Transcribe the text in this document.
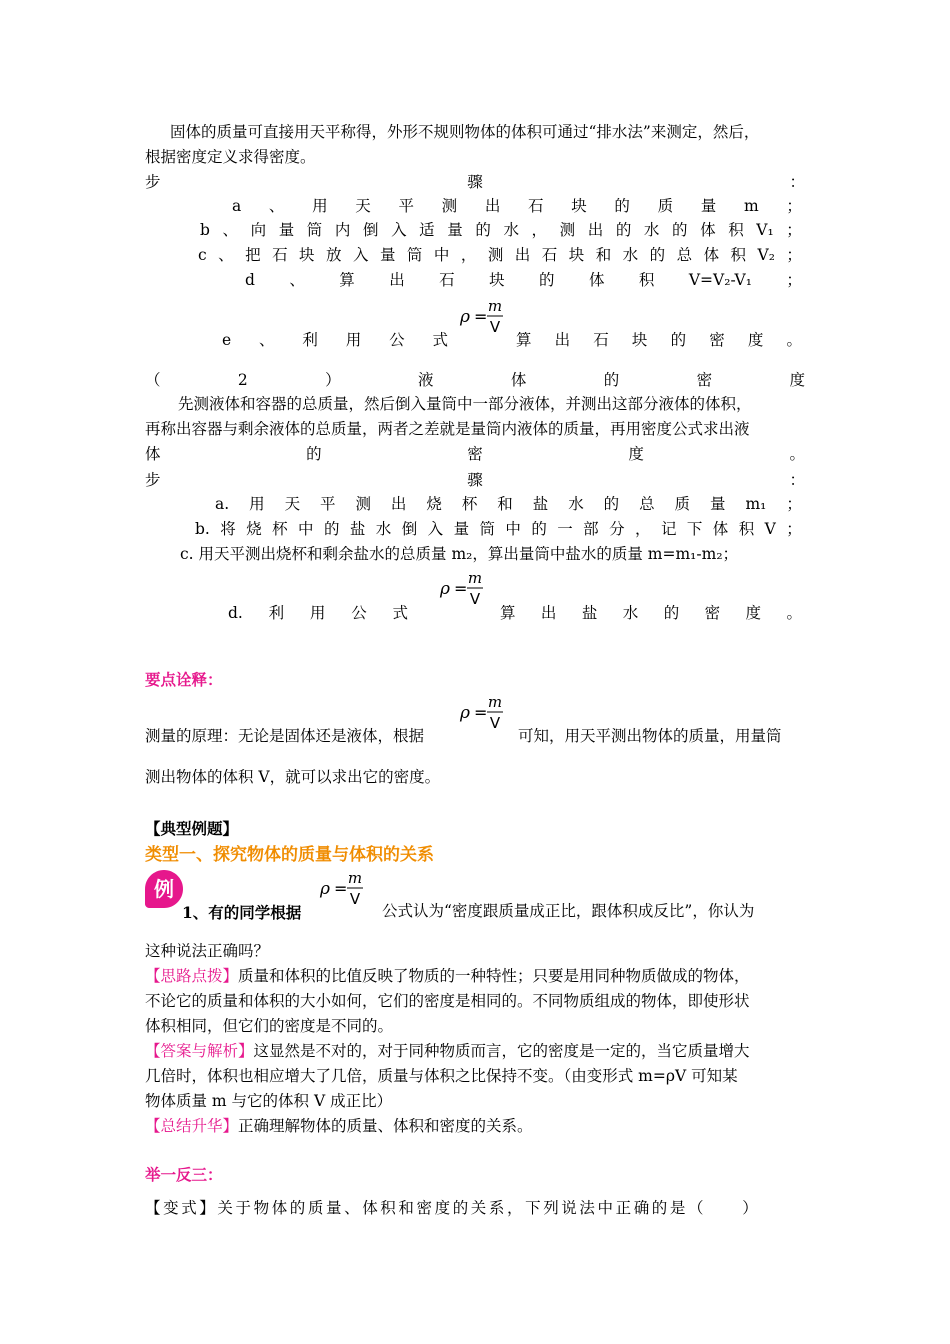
固体的质量可直接用天平称得，外形不规则物体的体积可通过“排水法”来测定，然后，
根据密度定义求得密度。
步	骤	：
a 、 用 天 平 测 出 石 块 的 质 量 m ；
b 、 向 量 筒 内 倒 入 适 量 的 水 ， 测 出 的 水 的 体 积 V₁ ；
c 、 把 石 块 放 入 量 筒 中 ， 测 出 石 块 和 水 的 总 体 积 V₂ ；
d 、 算 出 石 块 的 体 积 V=V₂-V₁ ；
e 、 利 用 公 式
ρ =
m
V
算 出 石 块 的 密 度 。
（	2	）	液	体	的	密	度
先测液体和容器的总质量，然后倒入量筒中一部分液体，并测出这部分液体的体积，
再称出容器与剩余液体的总质量，两者之差就是量筒内液体的质量，再用密度公式求出液
体	的	密	度	。
步	骤	：
a. 用 天 平 测 出 烧 杯 和 盐 水 的 总 质 量 m₁ ；
b. 将 烧 杯 中 的 盐 水 倒 入 量 筒 中 的 一 部 分 ， 记 下 体 积 V ；
c. 用天平测出烧杯和剩余盐水的总质量 m₂，算出量筒中盐水的质量 m=m₁-m₂；
d. 利 用 公 式
ρ =
m
V
算 出 盐 水 的 密 度 。
要点诠释：
ρ =
m
V
测量的原理：无论是固体还是液体，根据	可知，用天平测出物体的质量，用量筒
测出物体的体积 V，就可以求出它的密度。
【典型例题】
类型一、探究物体的质量与体积的关系
例
1、有的同学根据
ρ =
m
V
公式认为“密度跟质量成正比，跟体积成反比”，你认为
这种说法正确吗？
【思路点拨】质量和体积的比值反映了物质的一种特性；只要是用同种物质做成的物体，
不论它的质量和体积的大小如何，它们的密度是相同的。不同物质组成的物体，即使形状
体积相同，但它们的密度是不同的。
【答案与解析】这显然是不对的，对于同种物质而言，它的密度是一定的，当它质量增大
几倍时，体积也相应增大了几倍，质量与体积之比保持不变。（由变形式 m=ρV 可知某
物体质量 m 与它的体积 V 成正比）
【总结升华】正确理解物体的质量、体积和密度的关系。
举一反三：
【变式】关于物体的质量、体积和密度的关系，下列说法中正确的是（　　）
